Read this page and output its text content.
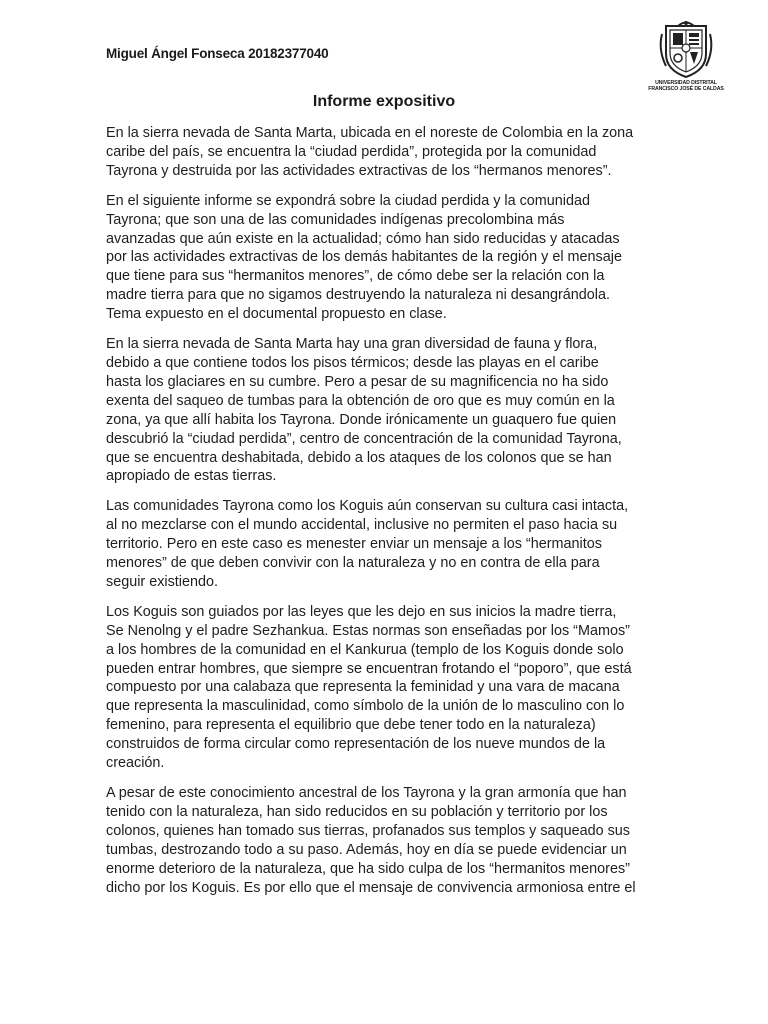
Miguel Ángel Fonseca 20182377040
UNIVERSIDAD DISTRITAL
FRANCISCO JOSÉ DE CALDAS
Informe expositivo

En la sierra nevada de Santa Marta, ubicada en el noreste de Colombia en la zona
caribe del país, se encuentra la “ciudad perdida”, protegida por la comunidad
Tayrona y destruida por las actividades extractivas de los “hermanos menores”.

En el siguiente informe se expondrá sobre la ciudad perdida y la comunidad
Tayrona; que son una de las comunidades indígenas precolombina más
avanzadas que aún existe en la actualidad; cómo han sido reducidas y atacadas
por las actividades extractivas de los demás habitantes de la región y el mensaje
que tiene para sus “hermanitos menores”, de cómo debe ser la relación con la
madre tierra para que no sigamos destruyendo la naturaleza ni desangrándola.
Tema expuesto en el documental propuesto en clase.

En la sierra nevada de Santa Marta hay una gran diversidad de fauna y flora,
debido a que contiene todos los pisos térmicos; desde las playas en el caribe
hasta los glaciares en su cumbre. Pero a pesar de su magnificencia no ha sido
exenta del saqueo de tumbas para la obtención de oro que es muy común en la
zona, ya que allí habita los Tayrona. Donde irónicamente un guaquero fue quien
descubrió la “ciudad perdida”, centro de concentración de la comunidad Tayrona,
que se encuentra deshabitada, debido a los ataques de los colonos que se han
apropiado de estas tierras.

Las comunidades Tayrona como los Koguis aún conservan su cultura casi intacta,
al no mezclarse con el mundo accidental, inclusive no permiten el paso hacia su
territorio. Pero en este caso es menester enviar un mensaje a los “hermanitos
menores” de que deben convivir con la naturaleza y no en contra de ella para
seguir existiendo.

Los Koguis son guiados por las leyes que les dejo en sus inicios la madre tierra,
Se Nenolng y el padre Sezhankua. Estas normas son enseñadas por los “Mamos”
a los hombres de la comunidad en el Kankurua (templo de los Koguis donde solo
pueden entrar hombres, que siempre se encuentran frotando el “poporo”, que está
compuesto por una calabaza que representa la feminidad y una vara de macana
que representa la masculinidad, como símbolo de la unión de lo masculino con lo
femenino, para representa el equilibrio que debe tener todo en la naturaleza)
construidos de forma circular como representación de los nueve mundos de la
creación.

A pesar de este conocimiento ancestral de los Tayrona y la gran armonía que han
tenido con la naturaleza, han sido reducidos en su población y territorio por los
colonos, quienes han tomado sus tierras, profanados sus templos y saqueado sus
tumbas, destrozando todo a su paso. Además, hoy en día se puede evidenciar un
enorme deterioro de la naturaleza, que ha sido culpa de los “hermanitos menores”
dicho por los Koguis. Es por ello que el mensaje de convivencia armoniosa entre el
